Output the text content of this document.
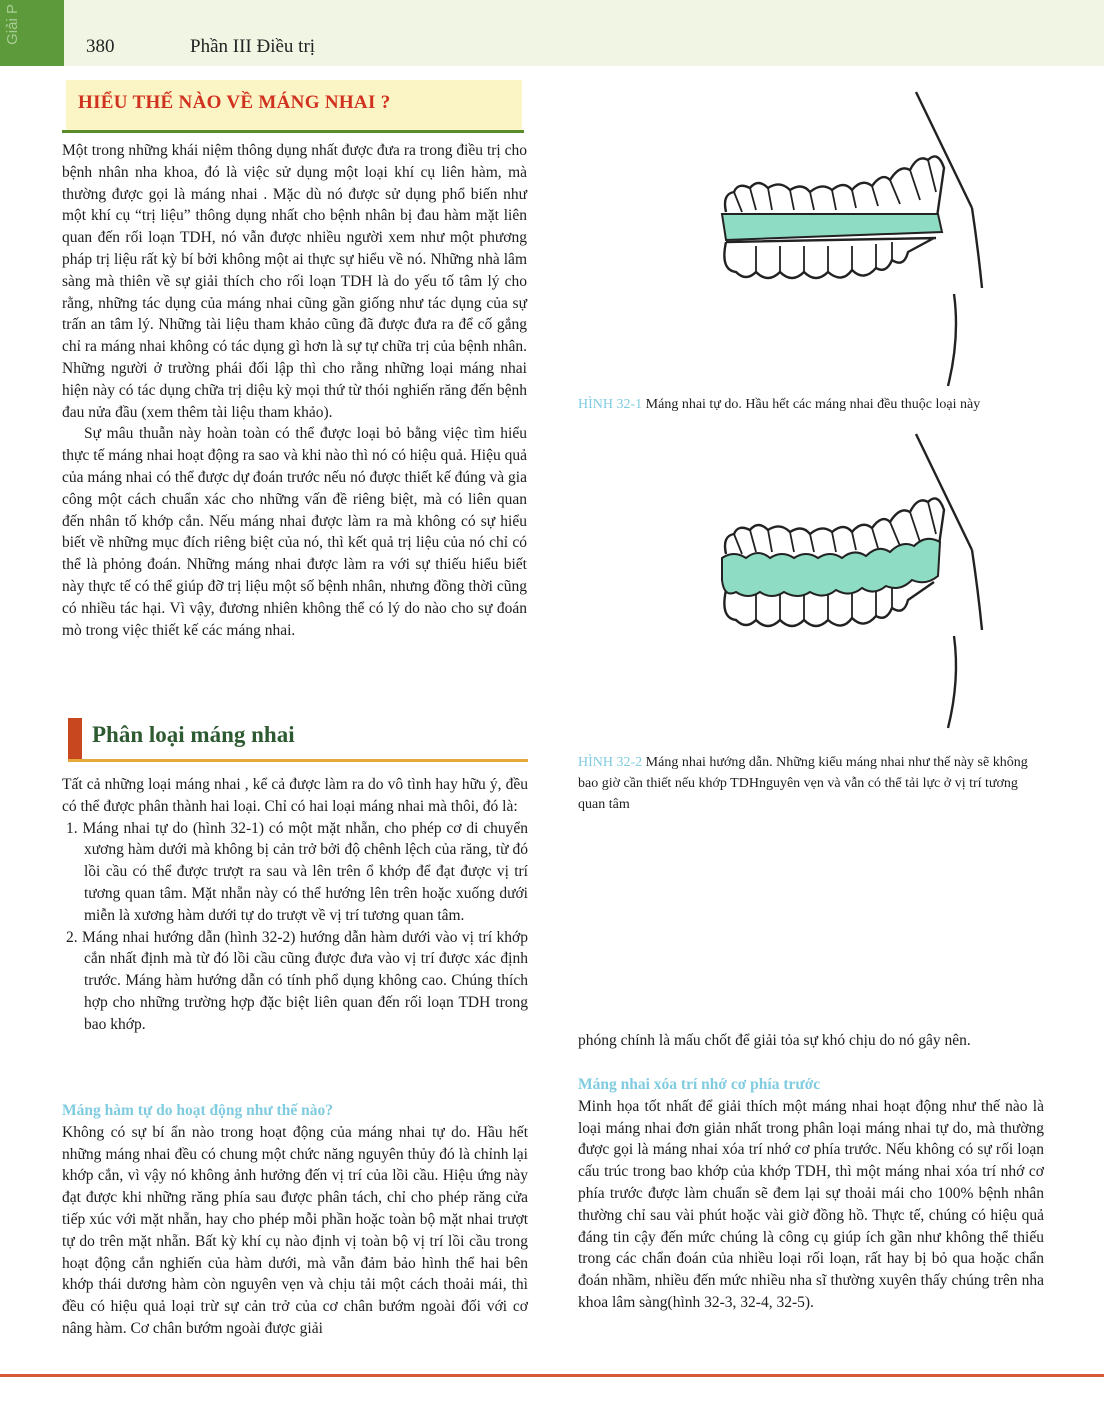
Giải P
380	Phần III Điều trị
HIỂU THẾ NÀO VỀ MÁNG NHAI ?

Một trong những khái niệm thông dụng nhất được đưa ra trong điều trị cho bệnh nhân nha khoa, đó là việc sử dụng một loại khí cụ liên hàm, mà thường được gọi là máng nhai . Mặc dù nó được sử dụng phổ biến như một khí cụ “trị liệu” thông dụng nhất cho bệnh nhân bị đau hàm mặt liên quan đến rối loạn TDH, nó vẫn được nhiều người xem như một phương pháp trị liệu rất kỳ bí bởi không một ai thực sự hiểu về nó. Những nhà lâm sàng mà thiên về sự giải thích cho rối loạn TDH là do yếu tố tâm lý cho rằng, những tác dụng của máng nhai cũng gần giống như tác dụng của sự trấn an tâm lý. Những tài liệu tham khảo cũng đã được đưa ra để cố gắng chỉ ra máng nhai không có tác dụng gì hơn là sự tự chữa trị của bệnh nhân. Những người ở trường phái đối lập thì cho rằng những loại máng nhai hiện này có tác dụng chữa trị diệu kỳ mọi thứ từ thói nghiến răng đến bệnh đau nửa đầu (xem thêm tài liệu tham khảo).

Sự mâu thuẫn này hoàn toàn có thể được loại bỏ bằng việc tìm hiểu thực tế máng nhai hoạt động ra sao và khi nào thì nó có hiệu quả. Hiệu quả của máng nhai có thể được dự đoán trước nếu nó được thiết kế đúng và gia công một cách chuẩn xác cho những vấn đề riêng biệt, mà có liên quan đến nhân tố khớp cắn. Nếu máng nhai được làm ra mà không có sự hiểu biết về những mục đích riêng biệt của nó, thì kết quả trị liệu của nó chỉ có thể là phỏng đoán. Những máng nhai được làm ra với sự thiếu hiểu biết này thực tế có thể giúp đỡ trị liệu một số bệnh nhân, nhưng đồng thời cũng có nhiều tác hại. Vì vậy, đương nhiên không thể có lý do nào cho sự đoán mò trong việc thiết kế các máng nhai.

Phân loại máng nhai

Tất cả những loại máng nhai , kể cả được làm ra do vô tình hay hữu ý, đều có thể được phân thành hai loại. Chỉ có hai loại máng nhai mà thôi, đó là:

1. Máng nhai tự do (hình 32-1) có một mặt nhẵn, cho phép cơ di chuyển xương hàm dưới mà không bị cản trở bởi độ chênh lệch của răng, từ đó lồi cầu có thể được trượt ra sau và lên trên ổ khớp để đạt được vị trí tương quan tâm. Mặt nhẵn này có thể hướng lên trên hoặc xuống dưới miễn là xương hàm dưới tự do trượt về vị trí tương quan tâm.
2. Máng nhai hướng dẫn (hình 32-2) hướng dẫn hàm dưới vào vị trí khớp cắn nhất định mà từ đó lồi cầu cũng được đưa vào vị trí được xác định trước. Máng hàm hướng dẫn có tính phổ dụng không cao. Chúng thích hợp cho những trường hợp đặc biệt liên quan đến rối loạn TDH trong bao khớp.
Máng hàm tự do hoạt động như thế nào?

Không có sự bí ẩn nào trong hoạt động của máng nhai tự do. Hầu hết những máng nhai đều có chung một chức năng nguyên thủy đó là chỉnh lại khớp cắn, vì vậy nó không ảnh hưởng đến vị trí của lồi cầu. Hiệu ứng này đạt được khi những răng phía sau được phân tách, chỉ cho phép răng cửa tiếp xúc với mặt nhẵn, hay cho phép mỗi phần hoặc toàn bộ mặt nhai trượt tự do trên mặt nhẵn. Bất kỳ khí cụ nào định vị toàn bộ vị trí lồi cầu trong hoạt động cắn nghiến của hàm dưới, mà vẫn đảm bảo hình thể hai bên khớp thái dương hàm còn nguyên vẹn và chịu tải một cách thoải mái, thì đều có hiệu quả loại trừ sự cản trở của cơ chân bướm ngoài đối với cơ nâng hàm. Cơ chân bướm ngoài được giải

HÌNH 32-1 Máng nhai tự do. Hầu hết các máng nhai đều thuộc loại này
HÌNH 32-2 Máng nhai hướng dẫn. Những kiểu máng nhai như thế này sẽ không bao giờ cần thiết nếu khớp TDHnguyên vẹn và vẫn có thể tải lực ở vị trí tương quan tâm

phóng chính là mấu chốt để giải tỏa sự khó chịu do nó gây nên.

Máng nhai xóa trí nhớ cơ phía trước

Minh họa tốt nhất để giải thích một máng nhai hoạt động như thế nào là loại máng nhai đơn giản nhất trong phân loại máng nhai tự do, mà thường được gọi là máng nhai xóa trí nhớ cơ phía trước. Nếu không có sự rối loạn cấu trúc trong bao khớp của khớp TDH, thì một máng nhai xóa trí nhớ cơ phía trước được làm chuẩn sẽ đem lại sự thoải mái cho 100% bệnh nhân thường chỉ sau vài phút hoặc vài giờ đồng hồ. Thực tế, chúng có hiệu quả đáng tin cậy đến mức chúng là công cụ giúp ích gần như không thể thiếu trong các chẩn đoán của nhiều loại rối loạn, rất hay bị bỏ qua hoặc chẩn đoán nhầm, nhiều đến mức nhiều nha sĩ thường xuyên thấy chúng trên nha khoa lâm sàng(hình 32-3, 32-4, 32-5).
